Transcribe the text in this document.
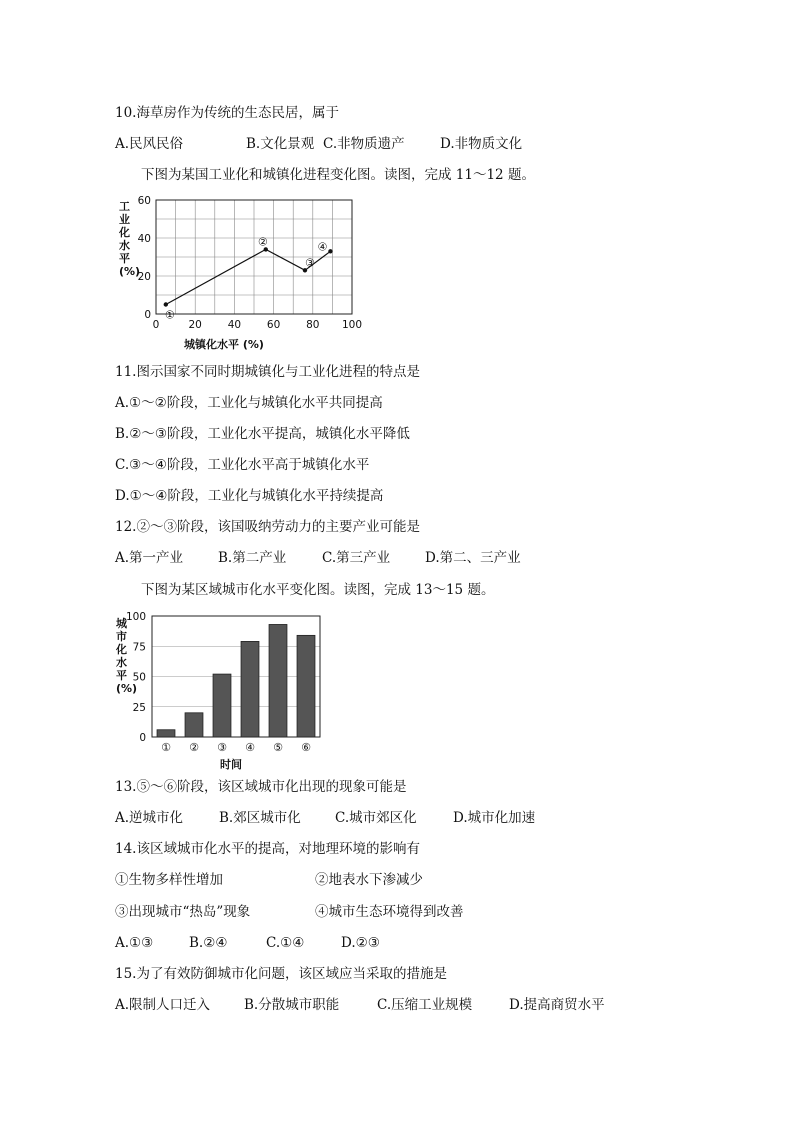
10.海草房作为传统的生态民居，属于
A.民风民俗	B.文化景观 C.非物质遗产	D.非物质文化
下图为某国工业化和城镇化进程变化图。读图，完成 11～12 题。
0	20 40 60 80 100
0
20
40
60
①
②
③
④
城镇化水平 (%)
工业化水平(%)
11.图示国家不同时期城镇化与工业化进程的特点是
A.①～②阶段，工业化与城镇化水平共同提高
B.②～③阶段，工业化水平提高，城镇化水平降低
C.③～④阶段，工业化水平高于城镇化水平
D.①～④阶段，工业化与城镇化水平持续提高
12.②～③阶段，该国吸纳劳动力的主要产业可能是
A.第一产业	B.第二产业	C.第三产业	D.第二、三产业
下图为某区域城市化水平变化图。读图，完成 13～15 题。
0
25
50
75
100
① ② ③ ④ ⑤ ⑥
时间
城市化水平(%)
13.⑤～⑥阶段，该区域城市化出现的现象可能是
A.逆城市化	B.郊区城市化	C.城市郊区化	D.城市化加速
14.该区域城市化水平的提高，对地理环境的影响有
①生物多样性增加	②地表水下渗减少
③出现城市“热岛”现象	④城市生态环境得到改善
A.①③	B.②④	C.①④	D.②③
15.为了有效防御城市化问题，该区域应当采取的措施是
A.限制人口迁入	B.分散城市职能	C.压缩工业规模	D.提高商贸水平
